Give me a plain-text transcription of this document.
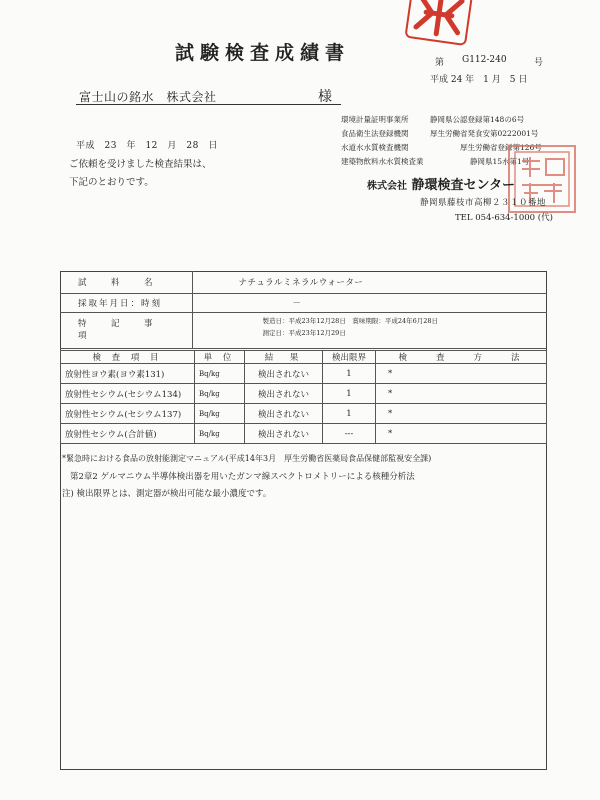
試験検査成績書	第 G112-240	号
平成 24 年　1 月　5 日
富士山の銘水　株式会社	様
平成　23　年　12　月　28　日
ご依頼を受けました検査結果は、
下記のとおりです。
環境計量証明事業所	静岡県公認登録第148の6号
食品衛生法登録機関	厚生労働省発食安第0222001号
水道水水質検査機関	厚生労働省登録第126号
建築物飲料水水質検査業	静岡県15水第1号
株式会社 静環検査センター
静岡県藤枝市高柳２３１０番地
TEL 054-634-1000 (代)
試　料　名	ナチュラルミネラルウォーター
採取年月日：時刻	－
特　記　事　項	製造日：平成23年12月28日　賞味期限：平成24年6月28日
測定日：平成23年12月29日
検 査 項 目	単 位	結　果	検出限界	検　　査　　方　　法
放射性ヨウ素(ヨウ素131)	Bq/kg	検出されない	1	*
放射性セシウム(セシウム134)	Bq/kg	検出されない	1	*
放射性セシウム(セシウム137)	Bq/kg	検出されない	1	*
放射性セシウム(合計値)	Bq/kg	検出されない	---	*
*緊急時における食品の放射能測定マニュアル(平成14年3月　厚生労働省医薬局食品保健部監視安全課)
第2章2 ゲルマニウム半導体検出器を用いたガンマ線スペクトロメトリーによる核種分析法
注) 検出限界とは、測定器が検出可能な最小濃度です。
